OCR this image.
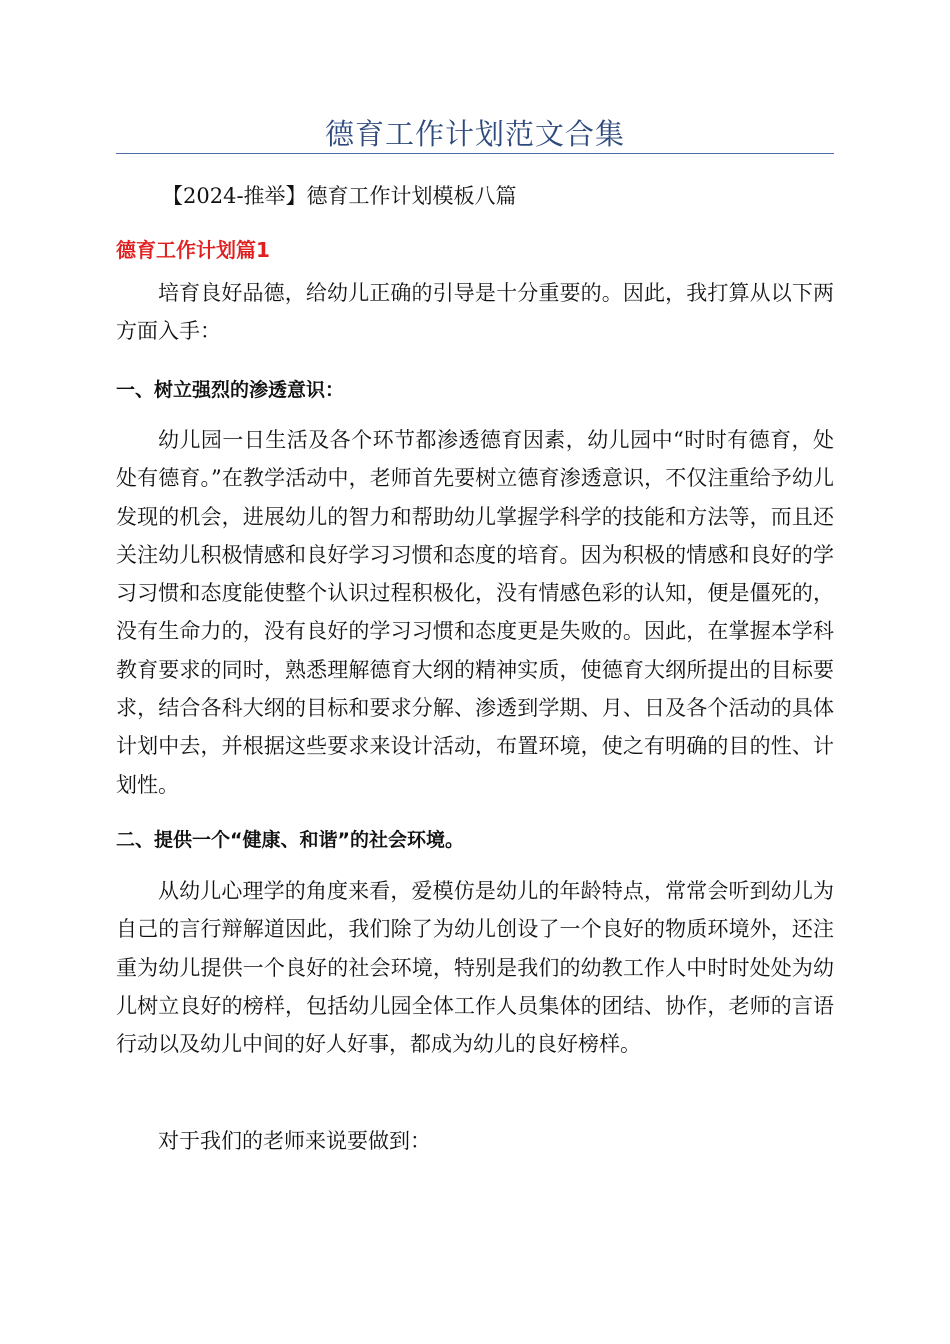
德育工作计划范文合集
【2024-推举】德育工作计划模板八篇
德育工作计划篇1

培育良好品德，给幼儿正确的引导是十分重要的。因此，我打算从以下两方面入手：

一、树立强烈的渗透意识：

幼儿园一日生活及各个环节都渗透德育因素，幼儿园中“时时有德育，处处有德育。”在教学活动中，老师首先要树立德育渗透意识，不仅注重给予幼儿发现的机会，进展幼儿的智力和帮助幼儿掌握学科学的技能和方法等，而且还关注幼儿积极情感和良好学习习惯和态度的培育。因为积极的情感和良好的学习习惯和态度能使整个认识过程积极化，没有情感色彩的认知，便是僵死的，没有生命力的，没有良好的学习习惯和态度更是失败的。因此，在掌握本学科教育要求的同时，熟悉理解德育大纲的精神实质，使德育大纲所提出的目标要求，结合各科大纲的目标和要求分解、渗透到学期、月、日及各个活动的具体计划中去，并根据这些要求来设计活动，布置环境，使之有明确的目的性、计划性。

二、提供一个“健康、和谐”的社会环境。

从幼儿心理学的角度来看，爱模仿是幼儿的年龄特点，常常会听到幼儿为自己的言行辩解道因此，我们除了为幼儿创设了一个良好的物质环境外，还注重为幼儿提供一个良好的社会环境，特别是我们的幼教工作人中时时处处为幼儿树立良好的榜样，包括幼儿园全体工作人员集体的团结、协作，老师的言语行动以及幼儿中间的好人好事，都成为幼儿的良好榜样。

对于我们的老师来说要做到：
